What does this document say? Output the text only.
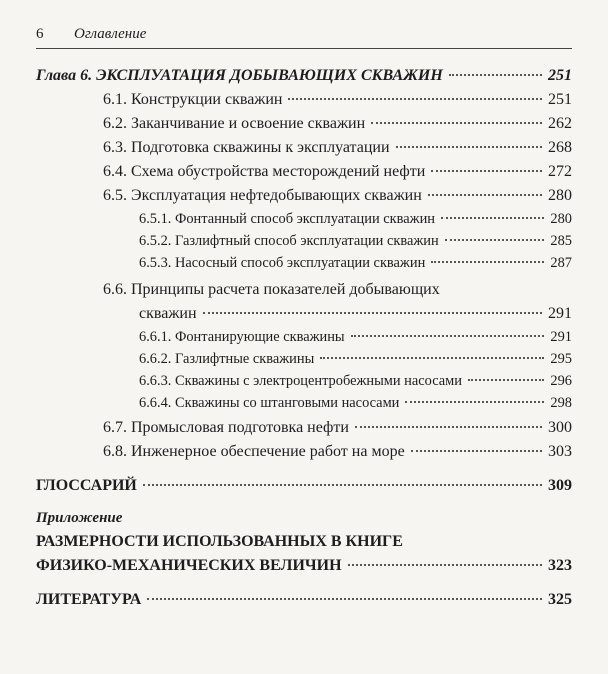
6 Оглавление
Глава 6. ЭКСПЛУАТАЦИЯ ДОБЫВАЮЩИХ СКВАЖИН	251
6.1. Конструкции скважин	251
6.2. Заканчивание и освоение скважин	262
6.3. Подготовка скважины к эксплуатации	268
6.4. Схема обустройства месторождений нефти	272
6.5. Эксплуатация нефтедобывающих скважин	280
6.5.1. Фонтанный способ эксплуатации скважин	280
6.5.2. Газлифтный способ эксплуатации скважин	285
6.5.3. Насосный способ эксплуатации скважин	287
6.6. Принципы расчета показателей добывающих
скважин	291
6.6.1. Фонтанирующие скважины	291
6.6.2. Газлифтные скважины	295
6.6.3. Скважины с электроцентробежными насосами	296
6.6.4. Скважины со штанговыми насосами	298
6.7. Промысловая подготовка нефти	300
6.8. Инженерное обеспечение работ на море	303
ГЛОССАРИЙ	309
Приложение
РАЗМЕРНОСТИ ИСПОЛЬЗОВАННЫХ В КНИГЕ
ФИЗИКО-МЕХАНИЧЕСКИХ ВЕЛИЧИН	323
ЛИТЕРАТУРА	325
